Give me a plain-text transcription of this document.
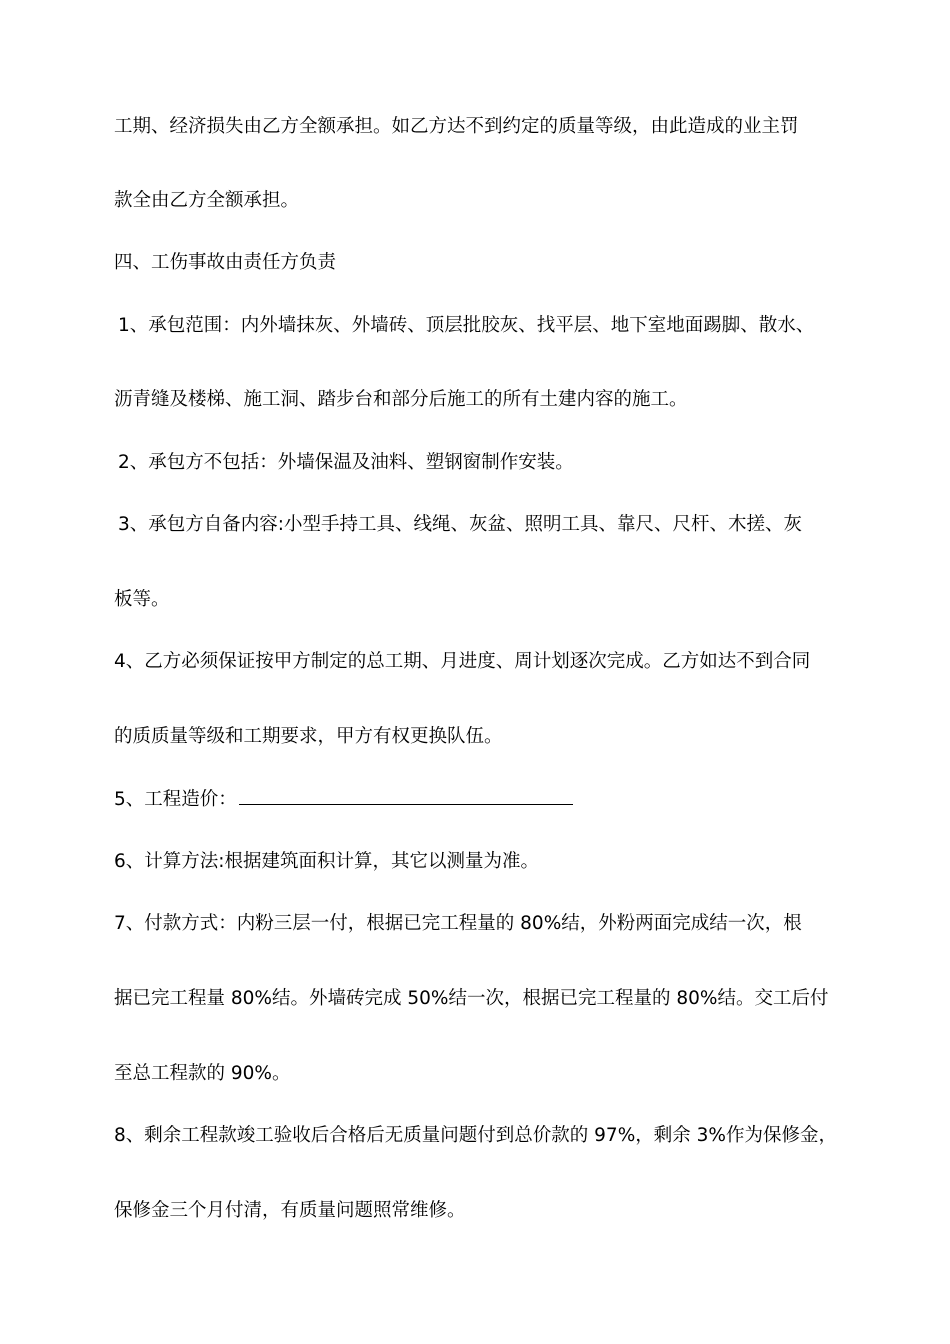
工期、经济损失由乙方全额承担。如乙方达不到约定的质量等级，由此造成的业主罚
款全由乙方全额承担。
四、工伤事故由责任方负责
1、承包范围：内外墙抹灰、外墙砖、顶层批胶灰、找平层、地下室地面踢脚、散水、
沥青缝及楼梯、施工洞、踏步台和部分后施工的所有土建内容的施工。
2、承包方不包括：外墙保温及油料、塑钢窗制作安装。
3、承包方自备内容:小型手持工具、线绳、灰盆、照明工具、靠尺、尺杆、木搓、灰
板等。
4、乙方必须保证按甲方制定的总工期、月进度、周计划逐次完成。乙方如达不到合同
的质质量等级和工期要求，甲方有权更换队伍。
5、工程造价：
6、计算方法:根据建筑面积计算，其它以测量为准。
7、付款方式：内粉三层一付，根据已完工程量的 80%结，外粉两面完成结一次，根
据已完工程量 80%结。外墙砖完成 50%结一次，根据已完工程量的 80%结。交工后付
至总工程款的 90%。
8、剩余工程款竣工验收后合格后无质量问题付到总价款的 97%，剩余 3%作为保修金，
保修金三个月付清，有质量问题照常维修。
